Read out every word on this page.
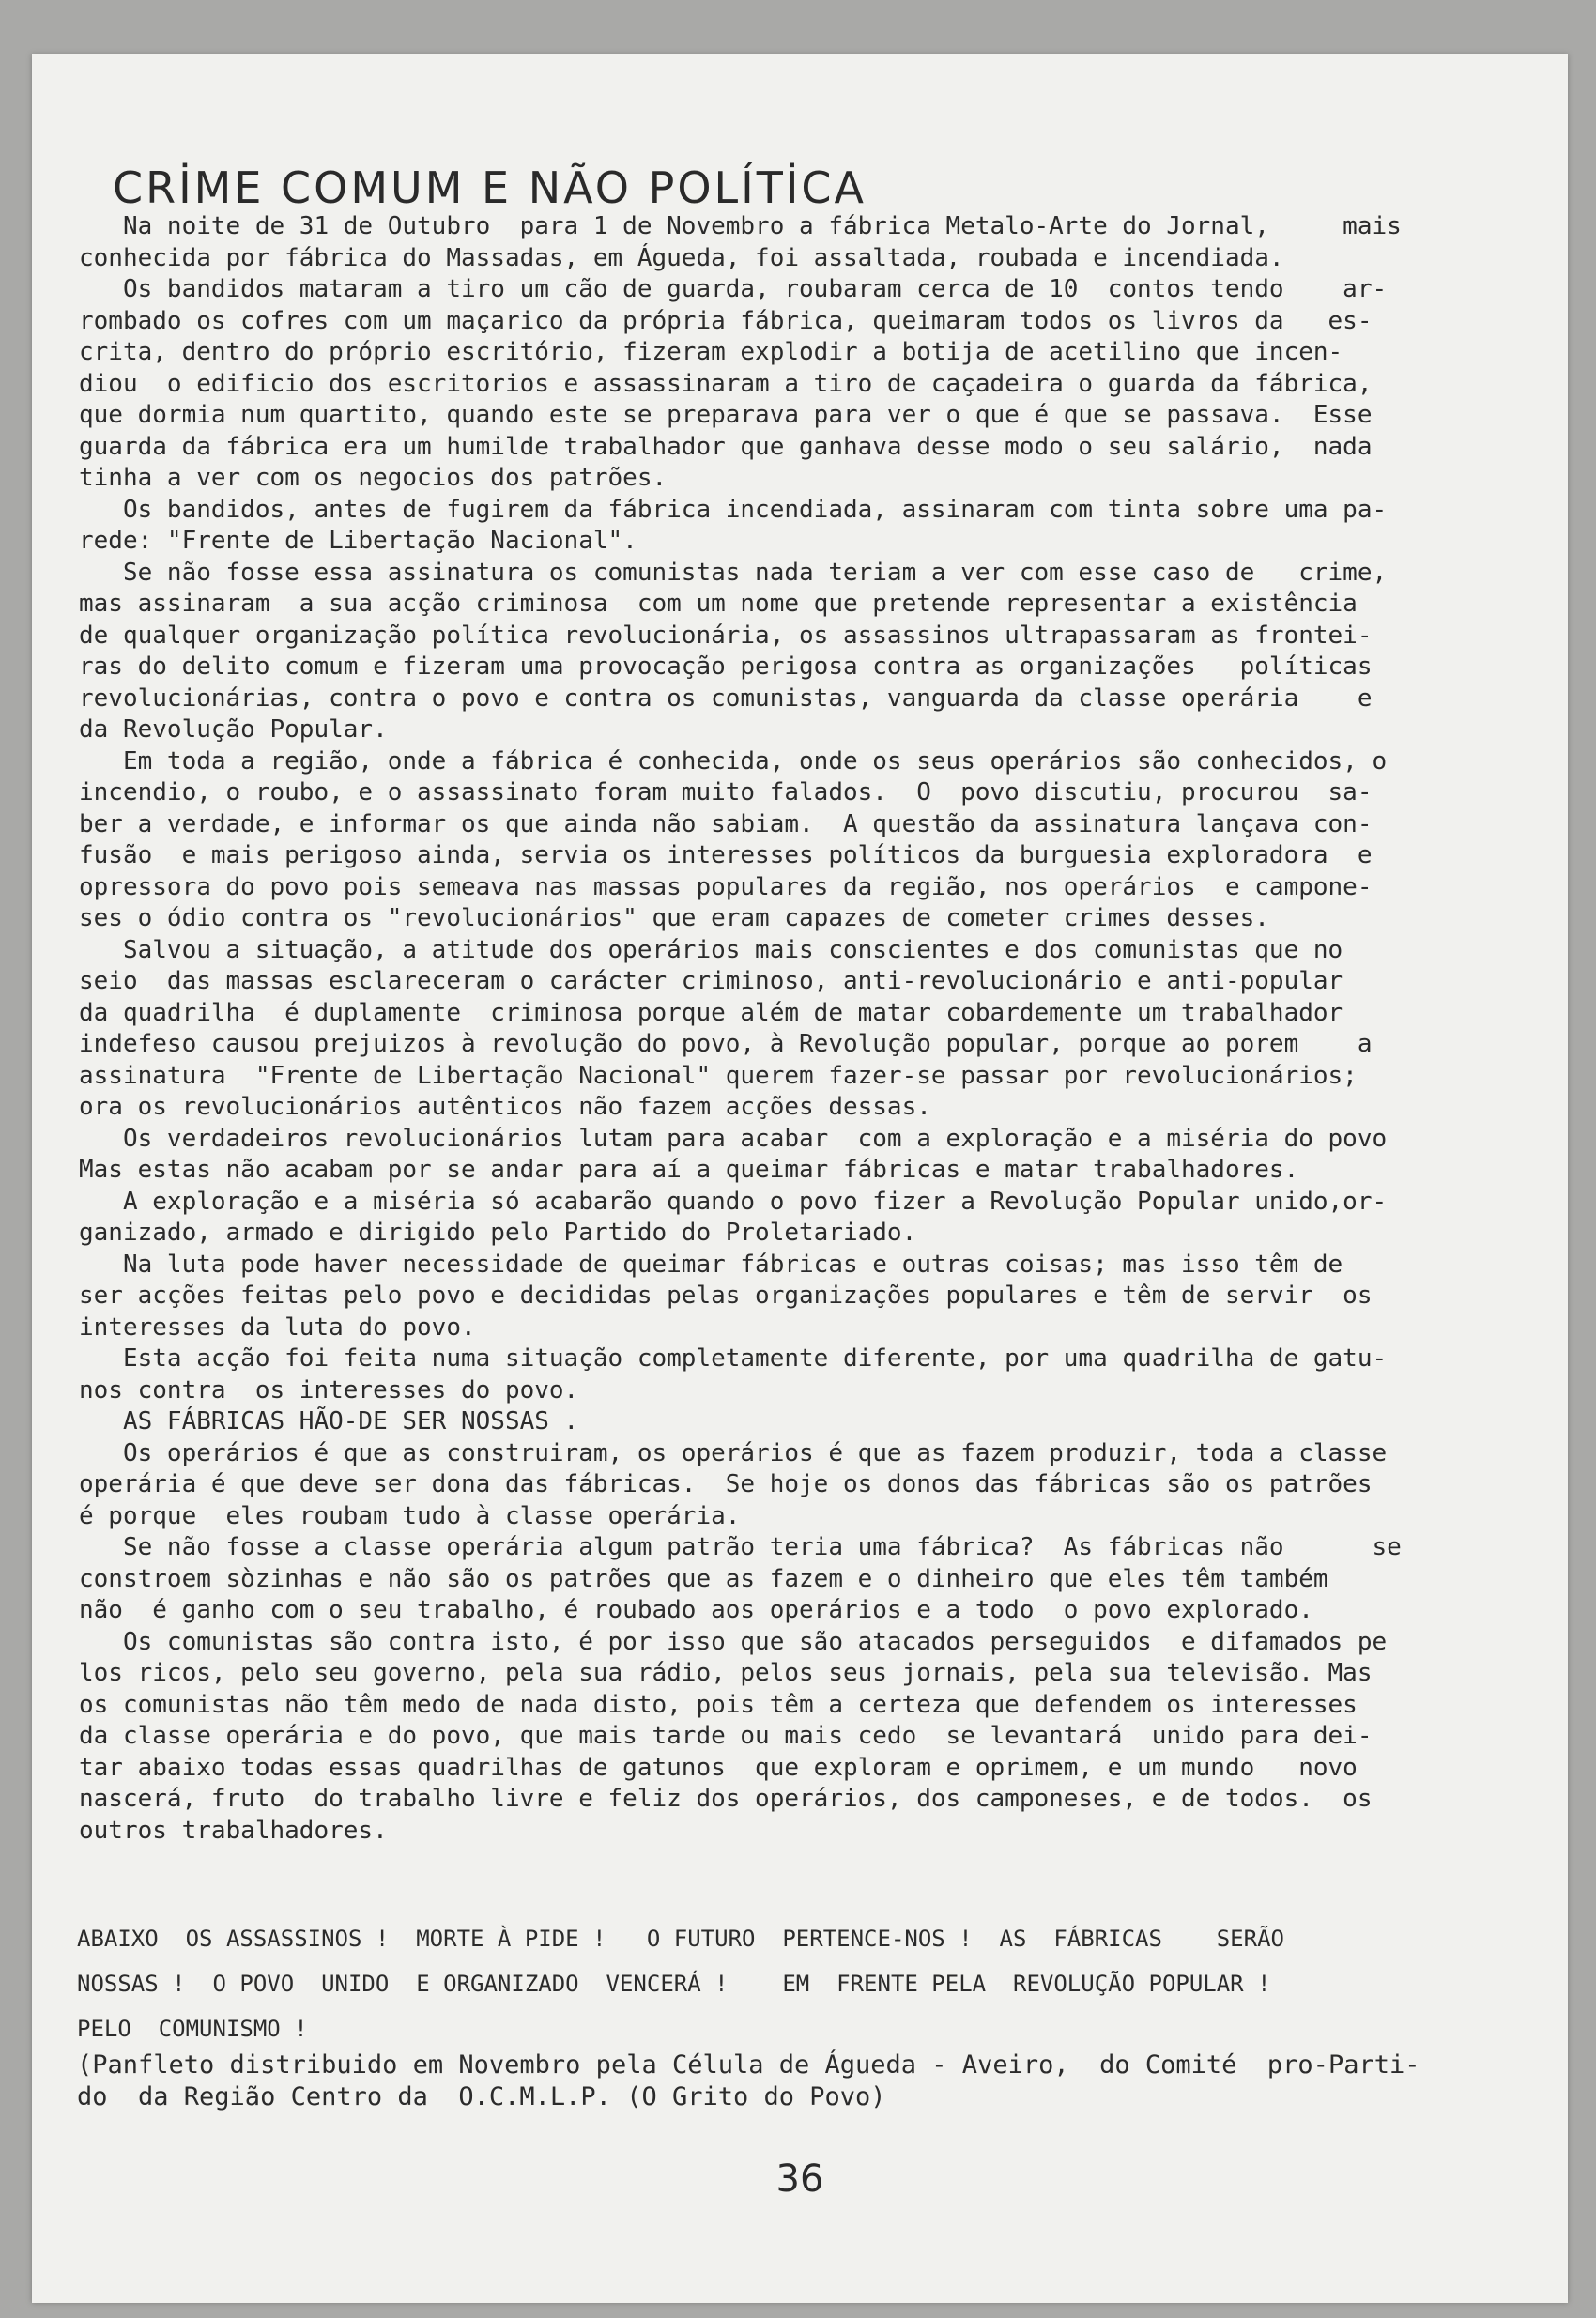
CRİME COMUM E NÃO POLÍTİCA
Na noite de 31 de Outubro  para 1 de Novembro a fábrica Metalo-Arte do Jornal,     mais
conhecida por fábrica do Massadas, em Águeda, foi assaltada, roubada e incendiada.
Os bandidos mataram a tiro um cão de guarda, roubaram cerca de 10  contos tendo    ar-
rombado os cofres com um maçarico da própria fábrica, queimaram todos os livros da   es-
crita, dentro do próprio escritório, fizeram explodir a botija de acetilino que incen-
diou  o edificio dos escritorios e assassinaram a tiro de caçadeira o guarda da fábrica,
que dormia num quartito, quando este se preparava para ver o que é que se passava.  Esse
guarda da fábrica era um humilde trabalhador que ganhava desse modo o seu salário,  nada
tinha a ver com os negocios dos patrões.
Os bandidos, antes de fugirem da fábrica incendiada, assinaram com tinta sobre uma pa-
rede: "Frente de Libertação Nacional".
Se não fosse essa assinatura os comunistas nada teriam a ver com esse caso de   crime,
mas assinaram  a sua acção criminosa  com um nome que pretende representar a existência
de qualquer organização política revolucionária, os assassinos ultrapassaram as frontei-
ras do delito comum e fizeram uma provocação perigosa contra as organizações   políticas
revolucionárias, contra o povo e contra os comunistas, vanguarda da classe operária    e
da Revolução Popular.
Em toda a região, onde a fábrica é conhecida, onde os seus operários são conhecidos, o
incendio, o roubo, e o assassinato foram muito falados.  O  povo discutiu, procurou  sa-
ber a verdade, e informar os que ainda não sabiam.  A questão da assinatura lançava con-
fusão  e mais perigoso ainda, servia os interesses políticos da burguesia exploradora  e
opressora do povo pois semeava nas massas populares da região, nos operários  e campone-
ses o ódio contra os "revolucionários" que eram capazes de cometer crimes desses.
Salvou a situação, a atitude dos operários mais conscientes e dos comunistas que no
seio  das massas esclareceram o carácter criminoso, anti-revolucionário e anti-popular
da quadrilha  é duplamente  criminosa porque além de matar cobardemente um trabalhador
indefeso causou prejuizos à revolução do povo, à Revolução popular, porque ao porem    a
assinatura  "Frente de Libertação Nacional" querem fazer-se passar por revolucionários;
ora os revolucionários autênticos não fazem acções dessas.
Os verdadeiros revolucionários lutam para acabar  com a exploração e a miséria do povo
Mas estas não acabam por se andar para aí a queimar fábricas e matar trabalhadores.
A exploração e a miséria só acabarão quando o povo fizer a Revolução Popular unido,or-
ganizado, armado e dirigido pelo Partido do Proletariado.
Na luta pode haver necessidade de queimar fábricas e outras coisas; mas isso têm de
ser acções feitas pelo povo e decididas pelas organizações populares e têm de servir  os
interesses da luta do povo.
Esta acção foi feita numa situação completamente diferente, por uma quadrilha de gatu-
nos contra  os interesses do povo.
AS FÁBRICAS HÃO-DE SER NOSSAS .
Os operários é que as construiram, os operários é que as fazem produzir, toda a classe
operária é que deve ser dona das fábricas.  Se hoje os donos das fábricas são os patrões
é porque  eles roubam tudo à classe operária.
Se não fosse a classe operária algum patrão teria uma fábrica?  As fábricas não      se
constroem sòzinhas e não são os patrões que as fazem e o dinheiro que eles têm também
não  é ganho com o seu trabalho, é roubado aos operários e a todo  o povo explorado.
Os comunistas são contra isto, é por isso que são atacados perseguidos  e difamados pe
los ricos, pelo seu governo, pela sua rádio, pelos seus jornais, pela sua televisão. Mas
os comunistas não têm medo de nada disto, pois têm a certeza que defendem os interesses
da classe operária e do povo, que mais tarde ou mais cedo  se levantará  unido para dei-
tar abaixo todas essas quadrilhas de gatunos  que exploram e oprimem, e um mundo   novo
nascerá, fruto  do trabalho livre e feliz dos operários, dos camponeses, e de todos.  os
outros trabalhadores.
ABAIXO  OS ASSASSINOS !  MORTE À PIDE !   O FUTURO  PERTENCE-NOS !  AS  FÁBRICAS    SERÃO
NOSSAS !  O POVO  UNIDO  E ORGANIZADO  VENCERÁ !    EM  FRENTE PELA  REVOLUÇÃO POPULAR !
PELO  COMUNISMO !
(Panfleto distribuido em Novembro pela Célula de Águeda - Aveiro,  do Comité  pro-Parti-
do  da Região Centro da  O.C.M.L.P. (O Grito do Povo)
36
